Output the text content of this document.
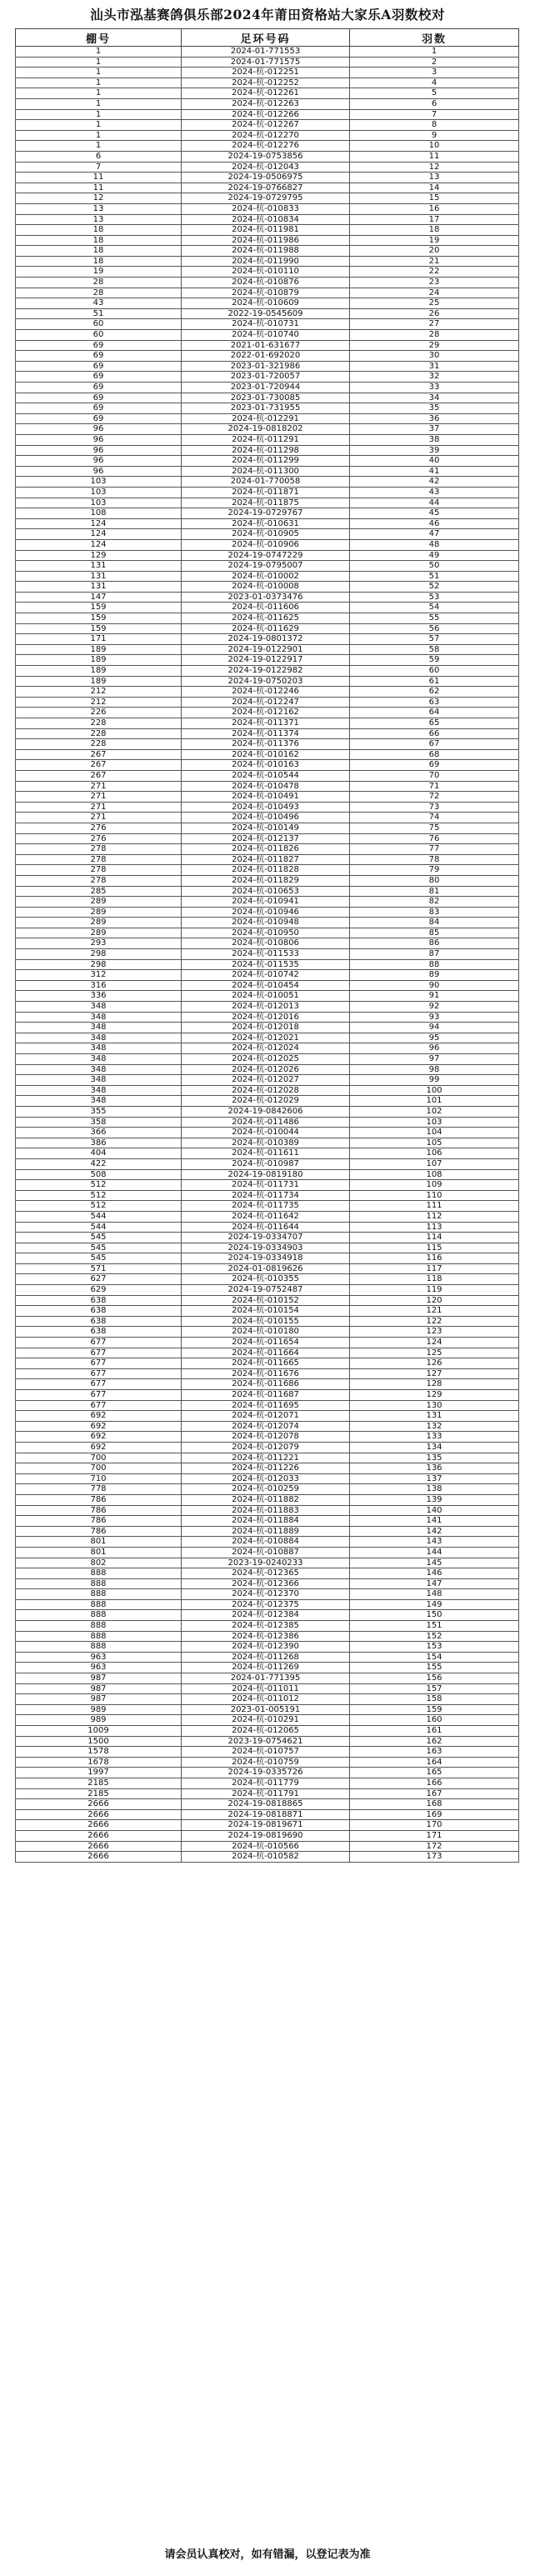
汕头市泓基赛鸽俱乐部2024年莆田资格站大家乐A羽数校对
棚号	足环号码	羽数
1	2024-01-771553	1
1	2024-01-771575	2
1	2024-杭-012251	3
1	2024-杭-012252	4
1	2024-杭-012261	5
1	2024-杭-012263	6
1	2024-杭-012266	7
1	2024-杭-012267	8
1	2024-杭-012270	9
1	2024-杭-012276	10
6	2024-19-0753856	11
7	2024-杭-012043	12
11	2024-19-0506975	13
11	2024-19-0766827	14
12	2024-19-0729795	15
13	2024-杭-010833	16
13	2024-杭-010834	17
18	2024-杭-011981	18
18	2024-杭-011986	19
18	2024-杭-011988	20
18	2024-杭-011990	21
19	2024-杭-010110	22
28	2024-杭-010876	23
28	2024-杭-010879	24
43	2024-杭-010609	25
51	2022-19-0545609	26
60	2024-杭-010731	27
60	2024-杭-010740	28
69	2021-01-631677	29
69	2022-01-692020	30
69	2023-01-321986	31
69	2023-01-720057	32
69	2023-01-720944	33
69	2023-01-730085	34
69	2023-01-731955	35
69	2024-杭-012291	36
96	2024-19-0818202	37
96	2024-杭-011291	38
96	2024-杭-011298	39
96	2024-杭-011299	40
96	2024-杭-011300	41
103	2024-01-770058	42
103	2024-杭-011871	43
103	2024-杭-011875	44
108	2024-19-0729767	45
124	2024-杭-010631	46
124	2024-杭-010905	47
124	2024-杭-010906	48
129	2024-19-0747229	49
131	2024-19-0795007	50
131	2024-杭-010002	51
131	2024-杭-010008	52
147	2023-01-0373476	53
159	2024-杭-011606	54
159	2024-杭-011625	55
159	2024-杭-011629	56
171	2024-19-0801372	57
189	2024-19-0122901	58
189	2024-19-0122917	59
189	2024-19-0122982	60
189	2024-19-0750203	61
212	2024-杭-012246	62
212	2024-杭-012247	63
226	2024-杭-012162	64
228	2024-杭-011371	65
228	2024-杭-011374	66
228	2024-杭-011376	67
267	2024-杭-010162	68
267	2024-杭-010163	69
267	2024-杭-010544	70
271	2024-杭-010478	71
271	2024-杭-010491	72
271	2024-杭-010493	73
271	2024-杭-010496	74
276	2024-杭-010149	75
276	2024-杭-012137	76
278	2024-杭-011826	77
278	2024-杭-011827	78
278	2024-杭-011828	79
278	2024-杭-011829	80
285	2024-杭-010653	81
289	2024-杭-010941	82
289	2024-杭-010946	83
289	2024-杭-010948	84
289	2024-杭-010950	85
293	2024-杭-010806	86
298	2024-杭-011533	87
298	2024-杭-011535	88
312	2024-杭-010742	89
316	2024-杭-010454	90
336	2024-杭-010051	91
348	2024-杭-012013	92
348	2024-杭-012016	93
348	2024-杭-012018	94
348	2024-杭-012021	95
348	2024-杭-012024	96
348	2024-杭-012025	97
348	2024-杭-012026	98
348	2024-杭-012027	99
348	2024-杭-012028	100
348	2024-杭-012029	101
355	2024-19-0842606	102
358	2024-杭-011486	103
366	2024-杭-010044	104
386	2024-杭-010389	105
404	2024-杭-011611	106
422	2024-杭-010987	107
508	2024-19-0819180	108
512	2024-杭-011731	109
512	2024-杭-011734	110
512	2024-杭-011735	111
544	2024-杭-011642	112
544	2024-杭-011644	113
545	2024-19-0334707	114
545	2024-19-0334903	115
545	2024-19-0334918	116
571	2024-01-0819626	117
627	2024-杭-010355	118
629	2024-19-0752487	119
638	2024-杭-010152	120
638	2024-杭-010154	121
638	2024-杭-010155	122
638	2024-杭-010180	123
677	2024-杭-011654	124
677	2024-杭-011664	125
677	2024-杭-011665	126
677	2024-杭-011676	127
677	2024-杭-011686	128
677	2024-杭-011687	129
677	2024-杭-011695	130
692	2024-杭-012071	131
692	2024-杭-012074	132
692	2024-杭-012078	133
692	2024-杭-012079	134
700	2024-杭-011221	135
700	2024-杭-011226	136
710	2024-杭-012033	137
778	2024-杭-010259	138
786	2024-杭-011882	139
786	2024-杭-011883	140
786	2024-杭-011884	141
786	2024-杭-011889	142
801	2024-杭-010884	143
801	2024-杭-010887	144
802	2023-19-0240233	145
888	2024-杭-012365	146
888	2024-杭-012366	147
888	2024-杭-012370	148
888	2024-杭-012375	149
888	2024-杭-012384	150
888	2024-杭-012385	151
888	2024-杭-012386	152
888	2024-杭-012390	153
963	2024-杭-011268	154
963	2024-杭-011269	155
987	2024-01-771395	156
987	2024-杭-011011	157
987	2024-杭-011012	158
989	2023-01-005191	159
989	2024-杭-010291	160
1009	2024-杭-012065	161
1500	2023-19-0754621	162
1578	2024-杭-010757	163
1678	2024-杭-010759	164
1997	2024-19-0335726	165
2185	2024-杭-011779	166
2185	2024-杭-011791	167
2666	2024-19-0818865	168
2666	2024-19-0818871	169
2666	2024-19-0819671	170
2666	2024-19-0819690	171
2666	2024-杭-010566	172
2666	2024-杭-010582	173
请会员认真校对，如有错漏，以登记表为准
